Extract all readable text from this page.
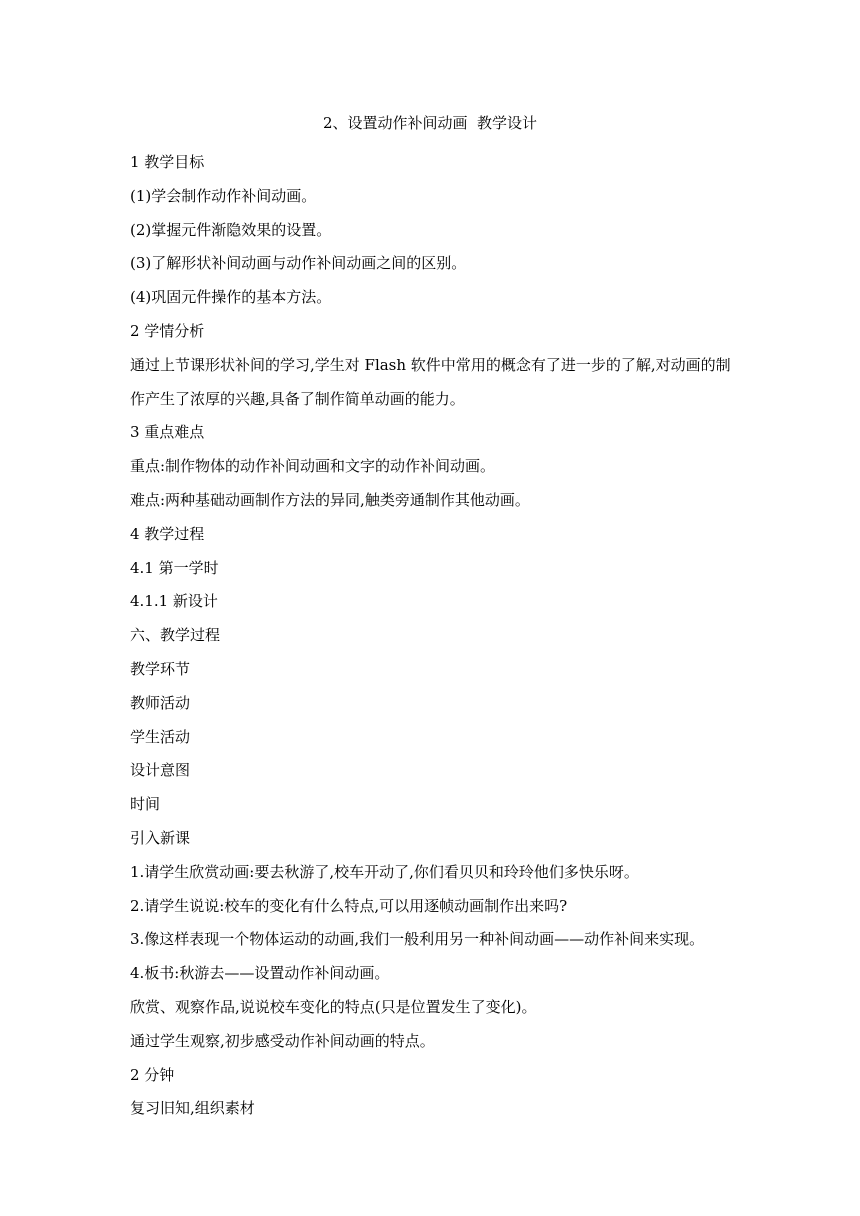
2、设置动作补间动画  教学设计

1 教学目标

(1)学会制作动作补间动画。

(2)掌握元件渐隐效果的设置。

(3)了解形状补间动画与动作补间动画之间的区别。

(4)巩固元件操作的基本方法。

2 学情分析

通过上节课形状补间的学习,学生对 Flash 软件中常用的概念有了进一步的了解,对动画的制作产生了浓厚的兴趣,具备了制作简单动画的能力。

3 重点难点

重点:制作物体的动作补间动画和文字的动作补间动画。

难点:两种基础动画制作方法的异同,触类旁通制作其他动画。

4 教学过程

4.1 第一学时

4.1.1 新设计

六、教学过程

教学环节

教师活动

学生活动

设计意图

时间

引入新课

1.请学生欣赏动画:要去秋游了,校车开动了,你们看贝贝和玲玲他们多快乐呀。

2.请学生说说:校车的变化有什么特点,可以用逐帧动画制作出来吗?

3.像这样表现一个物体运动的动画,我们一般利用另一种补间动画——动作补间来实现。

4.板书:秋游去——设置动作补间动画。

欣赏、观察作品,说说校车变化的特点(只是位置发生了变化)。

通过学生观察,初步感受动作补间动画的特点。

2 分钟

复习旧知,组织素材
